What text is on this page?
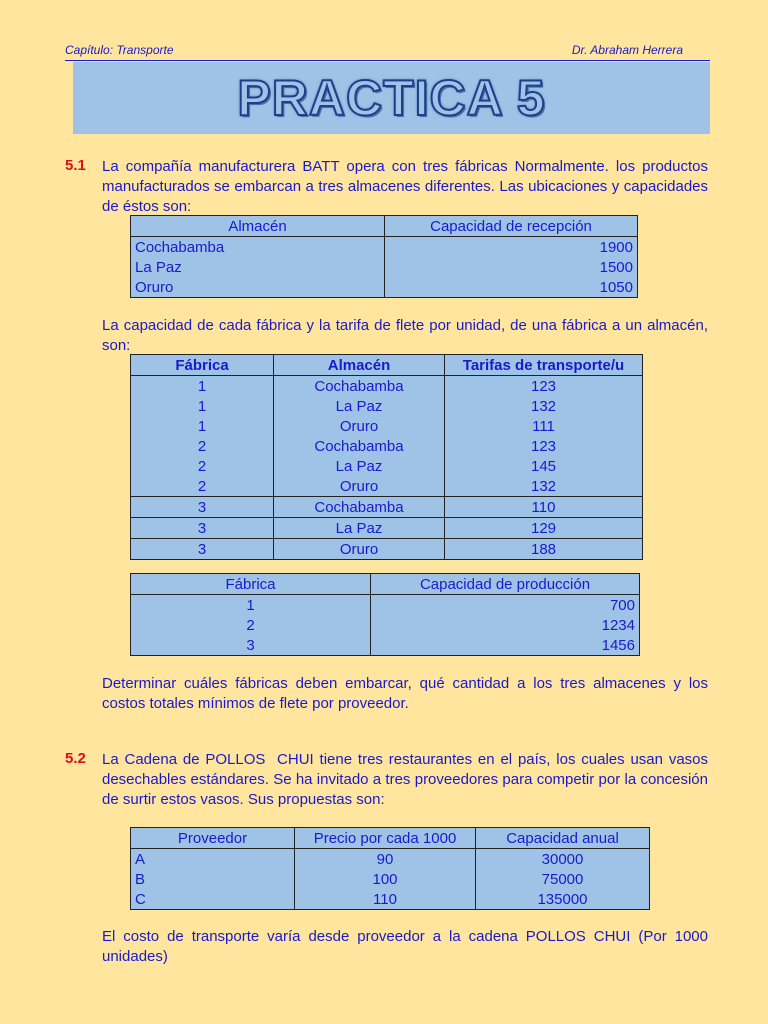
Capítulo: Transporte	Dr. Abraham Herrera
PRACTICA 5
5.1 La compañía manufacturera BATT opera con tres fábricas Normalmente. los productos manufacturados se embarcan a tres almacenes diferentes. Las ubicaciones y capacidades de éstos son:
Almacén	Capacidad de recepción
Cochabamba	1900
La Paz	1500
Oruro	1050
La capacidad de cada fábrica y la tarifa de flete por unidad, de una fábrica a un almacén, son:
Fábrica	Almacén	Tarifas de transporte/u
1	Cochabamba	123
1	La Paz	132
1	Oruro	111
2	Cochabamba	123
2	La Paz	145
2	Oruro	132
3	Cochabamba	110
3	La Paz	129
3	Oruro	188
Fábrica	Capacidad de producción
1	700
2	1234
3	1456
Determinar cuáles fábricas deben embarcar, qué cantidad a los tres almacenes y los costos totales mínimos de flete por proveedor.
5.2 La Cadena de POLLOS  CHUI tiene tres restaurantes en el país, los cuales usan vasos desechables estándares. Se ha invitado a tres proveedores para competir por la concesión de surtir estos vasos. Sus propuestas son:
Proveedor	Precio por cada 1000	Capacidad anual
A	90	30000
B	100	75000
C	110	135000
El costo de transporte varía desde proveedor a la cadena POLLOS CHUI (Por 1000 unidades)
